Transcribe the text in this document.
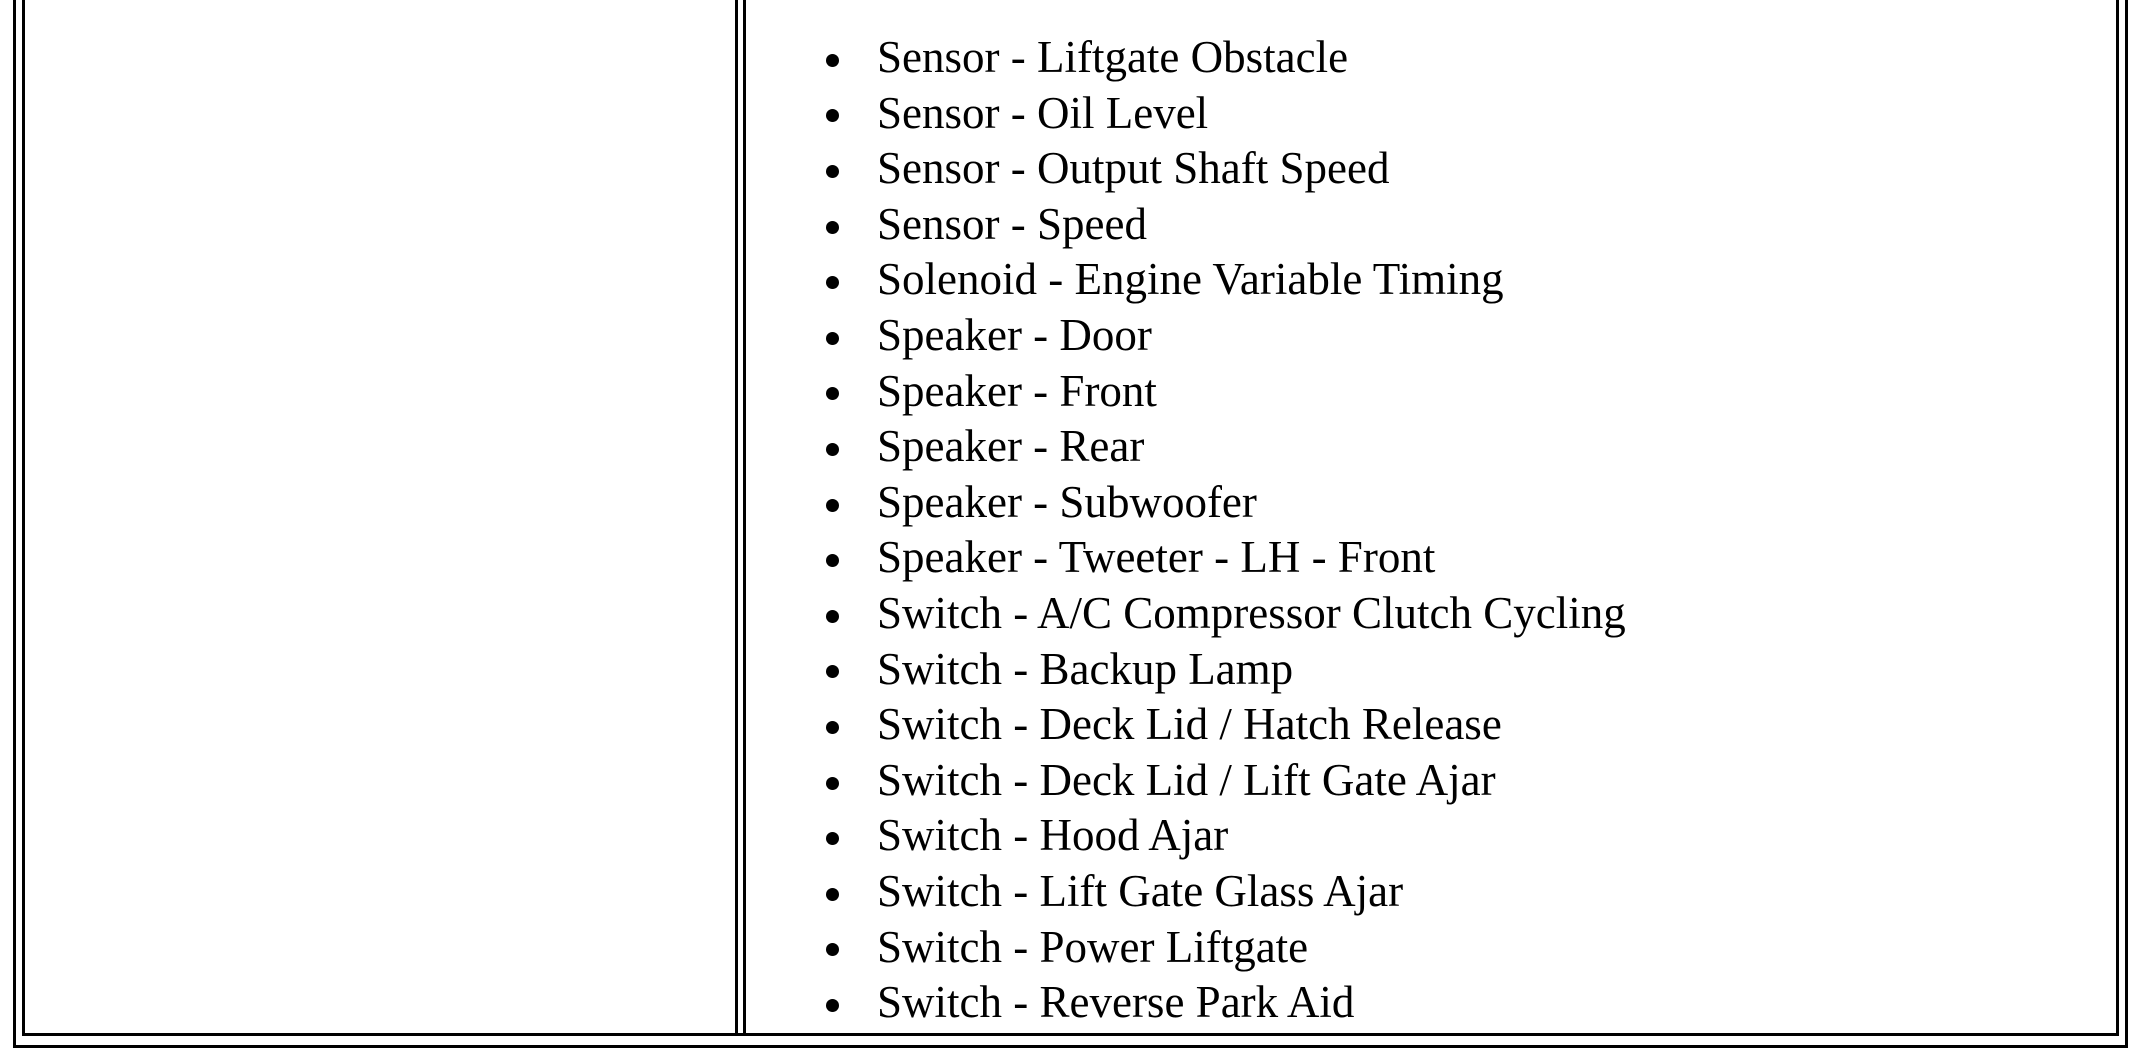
Sensor - Liftgate Obstacle
Sensor - Oil Level
Sensor - Output Shaft Speed
Sensor - Speed
Solenoid - Engine Variable Timing
Speaker - Door
Speaker - Front
Speaker - Rear
Speaker - Subwoofer
Speaker - Tweeter - LH - Front
Switch - A/C Compressor Clutch Cycling
Switch - Backup Lamp
Switch - Deck Lid / Hatch Release
Switch - Deck Lid / Lift Gate Ajar
Switch - Hood Ajar
Switch - Lift Gate Glass Ajar
Switch - Power Liftgate
Switch - Reverse Park Aid
